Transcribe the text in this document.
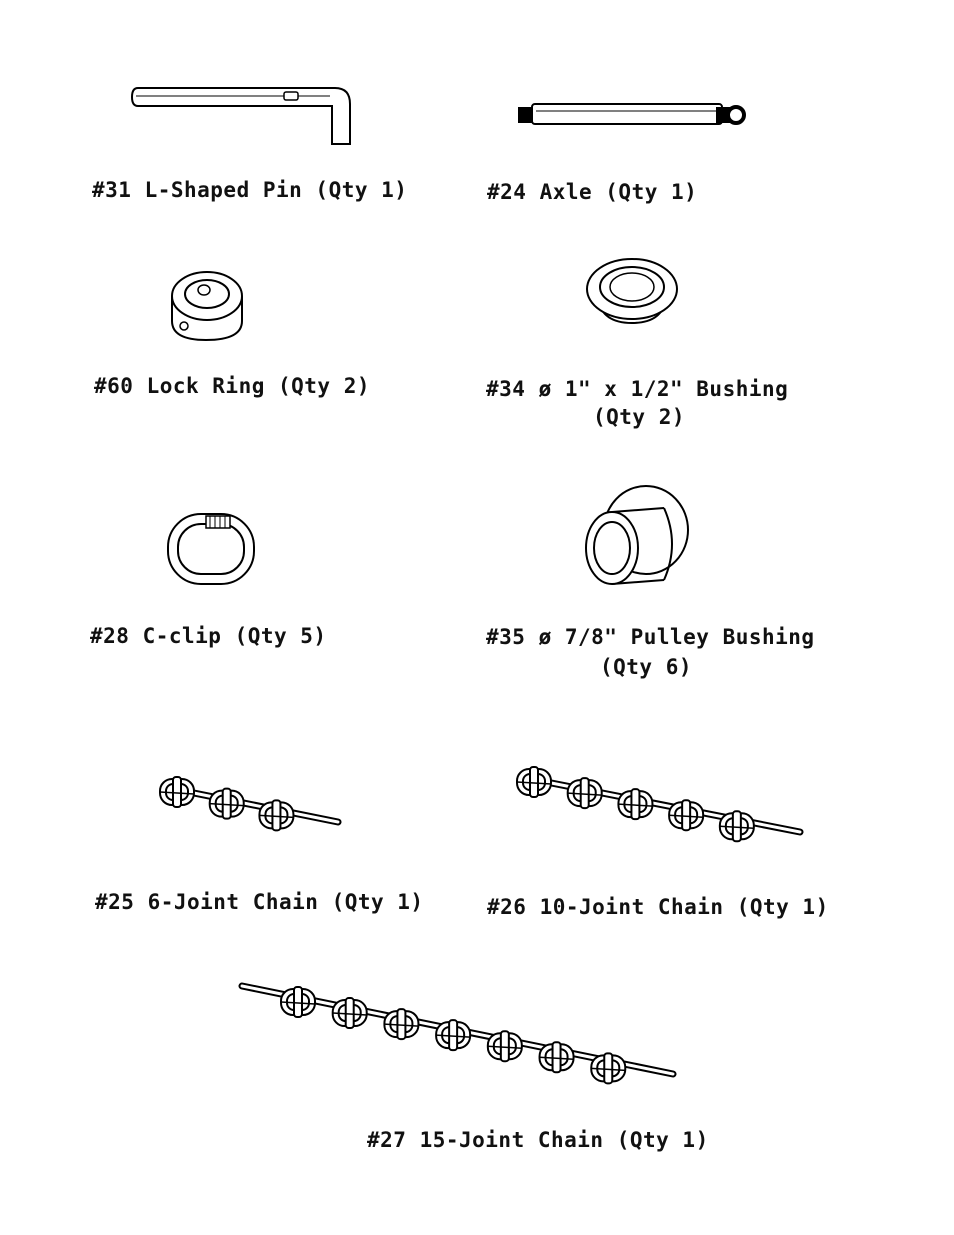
#31 L-Shaped Pin (Qty 1)	#24 Axle (Qty 1)
#60 Lock Ring (Qty 2)	#34 ø 1" x 1/2" Bushing
(Qty 2)
#28 C-clip (Qty 5)	#35 ø 7/8" Pulley Bushing
(Qty 6)
#25 6-Joint Chain (Qty 1)	#26 10-Joint Chain (Qty 1)
#27 15-Joint Chain (Qty 1)
